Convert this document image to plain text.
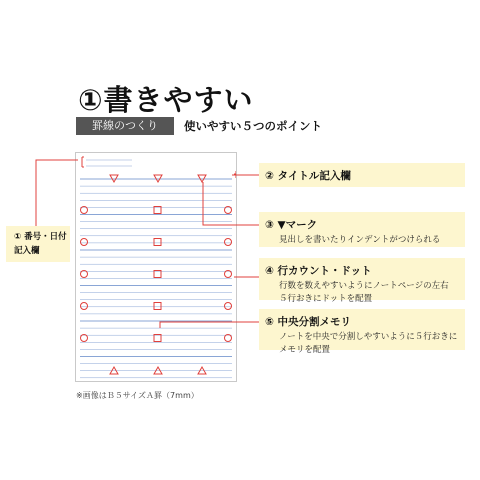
①書きやすい
罫線のつくり	使いやすい５つのポイント
※画像はＢ５サイズＡ罫（7mm）
① 番号・日付
記入欄
② タイトル記入欄
③ ▼マーク
見出しを書いたりインデントがつけられる
④ 行カウント・ドット
行数を数えやすいようにノートページの左右
５行おきにドットを配置
⑤ 中央分割メモリ
ノートを中央で分割しやすいように５行おきに
メモリを配置
